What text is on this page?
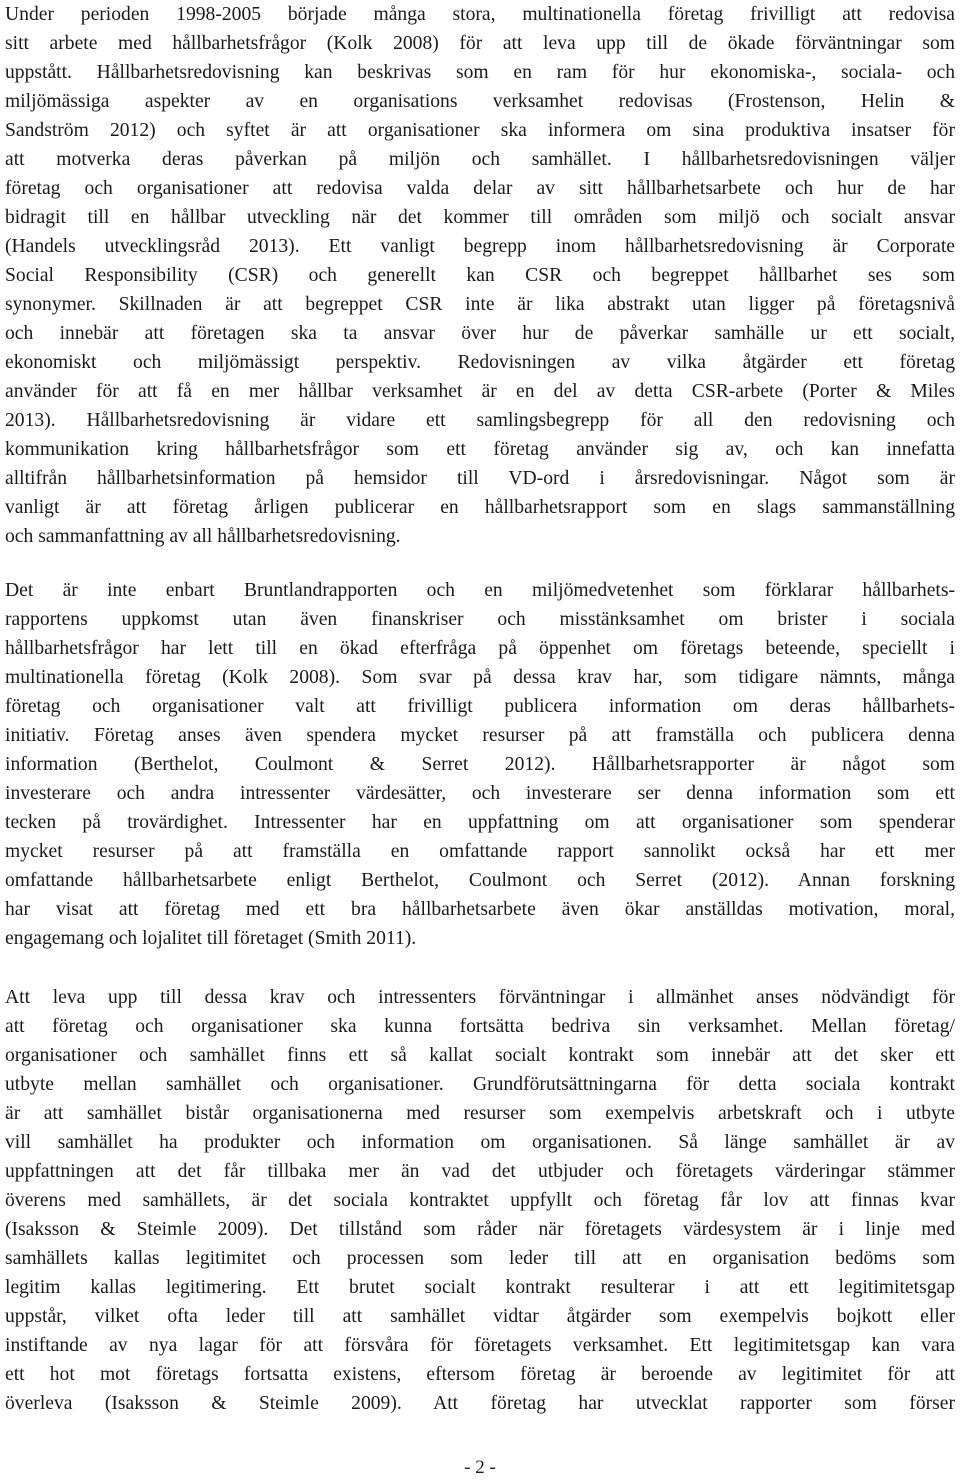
Under perioden 1998-2005 började många stora, multinationella företag frivilligt att redovisa
sitt arbete med hållbarhetsfrågor (Kolk 2008) för att leva upp till de ökade förväntningar som
uppstått. Hållbarhetsredovisning kan beskrivas som en ram för hur ekonomiska-, sociala- och
miljömässiga aspekter av en organisations verksamhet redovisas (Frostenson, Helin &
Sandström 2012) och syftet är att organisationer ska informera om sina produktiva insatser för
att motverka deras påverkan på miljön och samhället. I hållbarhetsredovisningen väljer
företag och organisationer att redovisa valda delar av sitt hållbarhetsarbete och hur de har
bidragit till en hållbar utveckling när det kommer till områden som miljö och socialt ansvar
(Handels utvecklingsråd 2013). Ett vanligt begrepp inom hållbarhetsredovisning är Corporate
Social Responsibility (CSR) och generellt kan CSR och begreppet hållbarhet ses som
synonymer. Skillnaden är att begreppet CSR inte är lika abstrakt utan ligger på företagsnivå
och innebär att företagen ska ta ansvar över hur de påverkar samhälle ur ett socialt,
ekonomiskt och miljömässigt perspektiv. Redovisningen av vilka åtgärder ett företag
använder för att få en mer hållbar verksamhet är en del av detta CSR-arbete (Porter & Miles
2013). Hållbarhetsredovisning är vidare ett samlingsbegrepp för all den redovisning och
kommunikation kring hållbarhetsfrågor som ett företag använder sig av, och kan innefatta
alltifrån hållbarhetsinformation på hemsidor till VD-ord i årsredovisningar. Något som är
vanligt är att företag årligen publicerar en hållbarhetsrapport som en slags sammanställning
och sammanfattning av all hållbarhetsredovisning.
Det är inte enbart Bruntlandrapporten och en miljömedvetenhet som förklarar hållbarhets-
rapportens uppkomst utan även finanskriser och misstänksamhet om brister i sociala
hållbarhetsfrågor har lett till en ökad efterfråga på öppenhet om företags beteende, speciellt i
multinationella företag (Kolk 2008). Som svar på dessa krav har, som tidigare nämnts, många
företag och organisationer valt att frivilligt publicera information om deras hållbarhets-
initiativ. Företag anses även spendera mycket resurser på att framställa och publicera denna
information (Berthelot, Coulmont & Serret 2012). Hållbarhetsrapporter är något som
investerare och andra intressenter värdesätter, och investerare ser denna information som ett
tecken på trovärdighet. Intressenter har en uppfattning om att organisationer som spenderar
mycket resurser på att framställa en omfattande rapport sannolikt också har ett mer
omfattande hållbarhetsarbete enligt Berthelot, Coulmont och Serret (2012). Annan forskning
har visat att företag med ett bra hållbarhetsarbete även ökar anställdas motivation, moral,
engagemang och lojalitet till företaget (Smith 2011).
Att leva upp till dessa krav och intressenters förväntningar i allmänhet anses nödvändigt för
att företag och organisationer ska kunna fortsätta bedriva sin verksamhet. Mellan företag/
organisationer och samhället finns ett så kallat socialt kontrakt som innebär att det sker ett
utbyte mellan samhället och organisationer. Grundförutsättningarna för detta sociala kontrakt
är att samhället bistår organisationerna med resurser som exempelvis arbetskraft och i utbyte
vill samhället ha produkter och information om organisationen. Så länge samhället är av
uppfattningen att det får tillbaka mer än vad det utbjuder och företagets värderingar stämmer
överens med samhällets, är det sociala kontraktet uppfyllt och företag får lov att finnas kvar
(Isaksson & Steimle 2009). Det tillstånd som råder när företagets värdesystem är i linje med
samhällets kallas legitimitet och processen som leder till att en organisation bedöms som
legitim kallas legitimering. Ett brutet socialt kontrakt resulterar i att ett legitimitetsgap
uppstår, vilket ofta leder till att samhället vidtar åtgärder som exempelvis bojkott eller
instiftande av nya lagar för att försvåra för företagets verksamhet. Ett legitimitetsgap kan vara
ett hot mot företags fortsatta existens, eftersom företag är beroende av legitimitet för att
överleva (Isaksson & Steimle 2009). Att företag har utvecklat rapporter som förser
- 2 -
